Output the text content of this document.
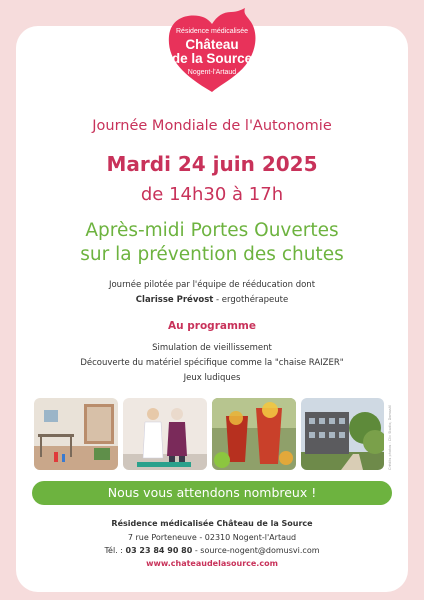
Résidence médicalisée
Château
de la Source
Nogent-l'Artaud
Journée Mondiale de l'Autonomie
Mardi 24 juin 2025
de 14h30 à 17h
Après-midi Portes Ouvertes
sur la prévention des chutes
Journée pilotée par l'équipe de rééducation dont
Clarisse Prévost - ergothérapeute
Au programme
Simulation de vieillissement
Découverte du matériel spécifique comme la "chaise RAIZER"
Jeux ludiques
Crédits photos : Clic Studio, DomusVi
Nous vous attendons nombreux !
Résidence médicalisée Château de la Source
7 rue Porteneuve - 02310 Nogent-l'Artaud
Tél. : 03 23 84 90 80 - source-nogent@domusvi.com
www.chateaudelasource.com
